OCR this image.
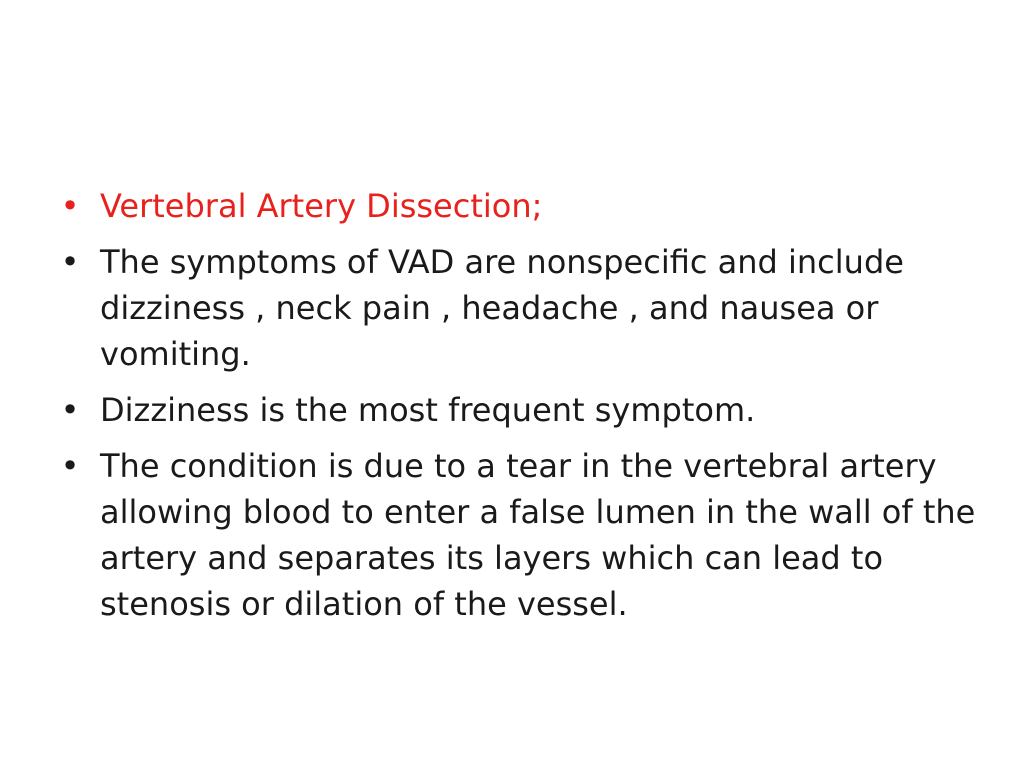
• Vertebral Artery Dissection;
• The symptoms of VAD are nonspecific and include dizziness , neck pain , headache , and nausea or vomiting.
• Dizziness is the most frequent symptom.
• The condition is due to a tear in the vertebral artery allowing blood to enter a false lumen in the wall of the artery and separates its layers which can lead to stenosis or dilation of the vessel.
